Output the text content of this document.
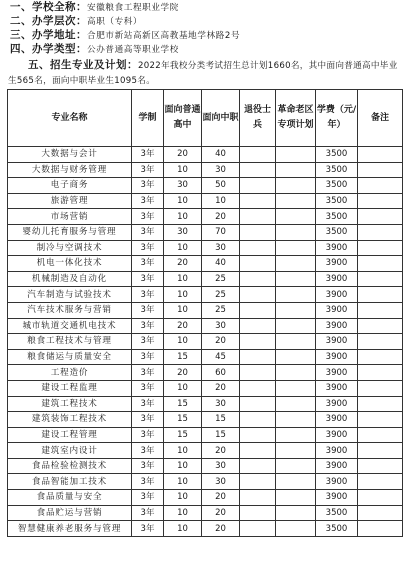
一、学校全称：安徽粮食工程职业学院
二、办学层次：高职（专科）
三、办学地址：合肥市新站高新区高教基地学林路2号
四、办学类型：公办普通高等职业学校
五、招生专业及计划：2022年我校分类考试招生总计划1660名，其中面向普通高中毕业生565名，面向中职毕业生1095名。
专业名称	学制	面向普通高中	面向中职	退役士兵	革命老区专项计划	学费（元/年）	备注
大数据与会计	3年	20	40			3500	
大数据与财务管理	3年	10	30			3500	
电子商务	3年	30	50			3500	
旅游管理	3年	10	10			3500	
市场营销	3年	10	20			3500	
婴幼儿托育服务与管理	3年	30	70			3500	
制冷与空调技术	3年	10	30			3900	
机电一体化技术	3年	20	40			3900	
机械制造及自动化	3年	10	25			3900	
汽车制造与试验技术	3年	10	25			3900	
汽车技术服务与营销	3年	10	25			3900	
城市轨道交通机电技术	3年	20	30			3900	
粮食工程技术与管理	3年	10	20			3900	
粮食储运与质量安全	3年	15	45			3900	
工程造价	3年	20	60			3900	
建设工程监理	3年	10	20			3900	
建筑工程技术	3年	15	30			3900	
建筑装饰工程技术	3年	15	15			3900	
建设工程管理	3年	15	15			3900	
建筑室内设计	3年	10	20			3900	
食品检验检测技术	3年	10	30			3900	
食品智能加工技术	3年	10	30			3900	
食品质量与安全	3年	10	20			3900	
食品贮运与营销	3年	10	20			3500	
智慧健康养老服务与管理	3年	10	20			3500	
